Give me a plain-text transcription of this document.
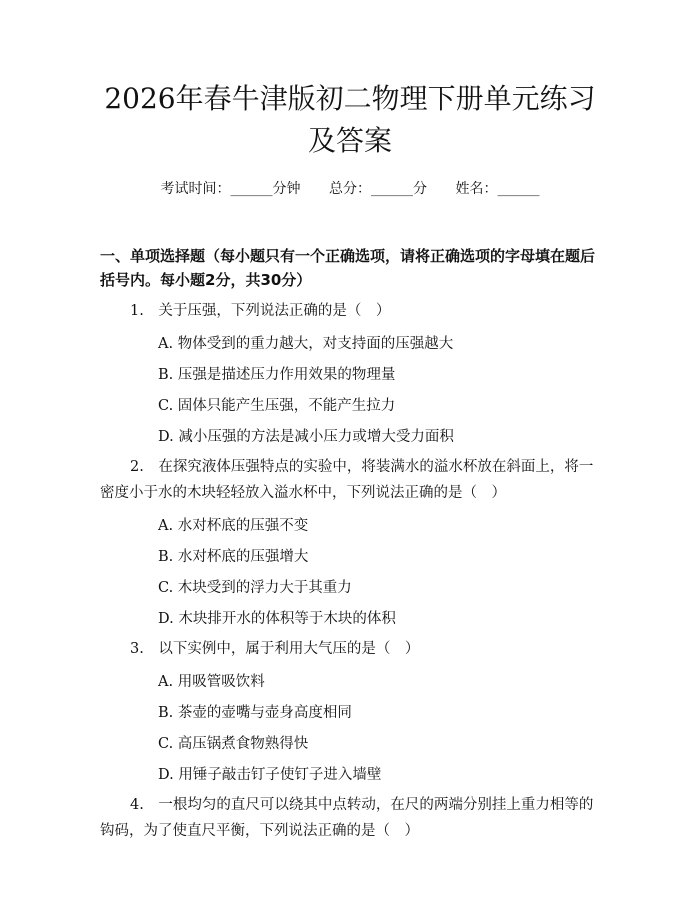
2026年春牛津版初二物理下册单元练习及答案
考试时间：______分钟 总分：______分 姓名：______
一、单项选择题（每小题只有一个正确选项，请将正确选项的字母填在题后括号内。每小题2分，共30分）
1.　关于压强，下列说法正确的是（　）
A. 物体受到的重力越大，对支持面的压强越大
B. 压强是描述压力作用效果的物理量
C. 固体只能产生压强，不能产生拉力
D. 减小压强的方法是减小压力或增大受力面积
2.　在探究液体压强特点的实验中，将装满水的溢水杯放在斜面上，将一密度小于水的木块轻轻放入溢水杯中，下列说法正确的是（　）
A. 水对杯底的压强不变
B. 水对杯底的压强增大
C. 木块受到的浮力大于其重力
D. 木块排开水的体积等于木块的体积
3.　以下实例中，属于利用大气压的是（　）
A. 用吸管吸饮料
B. 茶壶的壶嘴与壶身高度相同
C. 高压锅煮食物熟得快
D. 用锤子敲击钉子使钉子进入墙壁
4.　一根均匀的直尺可以绕其中点转动，在尺的两端分别挂上重力相等的钩码，为了使直尺平衡，下列说法正确的是（　）
